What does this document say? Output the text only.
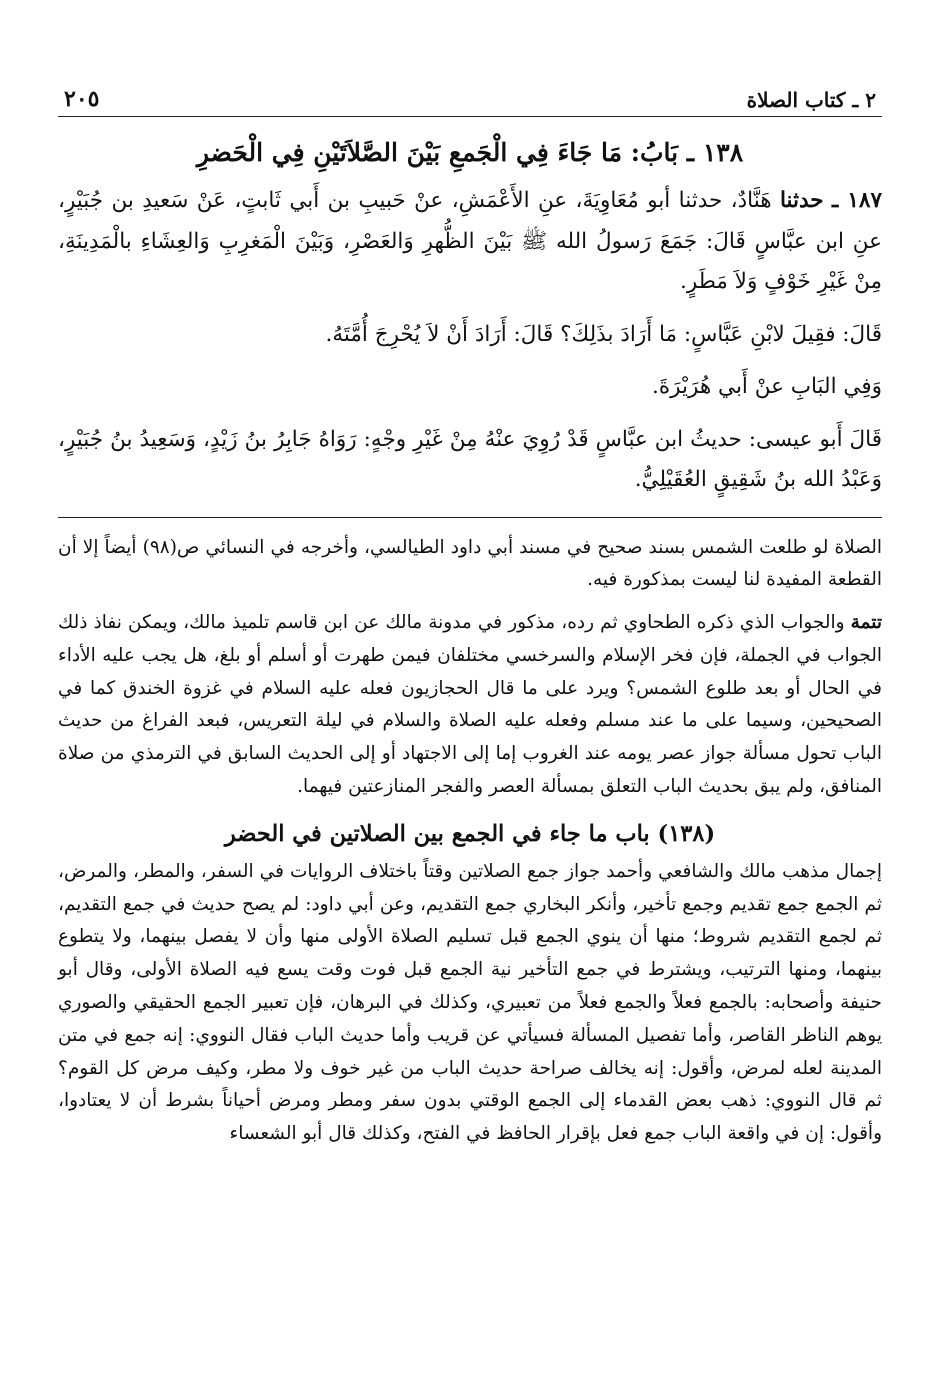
٢ ـ كتاب الصلاة
٢٠٥
١٣٨ ـ بَابُ: مَا جَاءَ فِي الْجَمعِ بَيْنَ الصَّلاَتَيْنِ فِي الْحَضرِ

١٨٧ ـ حدثنا هَنَّادٌ، حدثنا أبو مُعَاوِيَةَ، عنِ الأَعْمَشِ، عنْ حَبيبِ بن أَبي ثَابتٍ، عَنْ سَعيدِ بن جُبَيْرٍ، عنِ ابن عبَّاسٍ قَالَ: جَمَعَ رَسولُ الله ﷺ بَيْنَ الظُّهرِ وَالعَصْرِ، وَبَيْنَ الْمَغرِبِ وَالعِشَاءِ بالْمَدِينَةِ، مِنْ غَيْرِ خَوْفٍ وَلاَ مَطَرٍ.

قَالَ: فقِيلَ لابْنِ عَبَّاسٍ: مَا أَرَادَ بذَلِكَ؟ قَالَ: أَرَادَ أَنْ لاَ يُحْرِجَ أُمَّتَهُ.

وَفِي البَابِ عنْ أَبي هُرَيْرَةَ.

قَالَ أَبو عيسى: حديثُ ابن عبَّاسٍ قَدْ رُوِيَ عنْهُ مِنْ غَيْرِ وجْهٍ: رَوَاهُ جَابِرُ بنُ زَيْدٍ، وَسَعِيدُ بنُ جُبَيْرٍ، وَعَبْدُ الله بنُ شَقِيقٍ العُقَيْلِيُّ.

الصلاة لو طلعت الشمس بسند صحيح في مسند أبي داود الطيالسي، وأخرجه في النسائي ص(٩٨) أيضاً إلا أن القطعة المفيدة لنا ليست بمذكورة فيه.

تتمة والجواب الذي ذكره الطحاوي ثم رده، مذكور في مدونة مالك عن ابن قاسم تلميذ مالك، ويمكن نفاذ ذلك الجواب في الجملة، فإن فخر الإسلام والسرخسي مختلفان فيمن طهرت أو أسلم أو بلغ، هل يجب عليه الأداء في الحال أو بعد طلوع الشمس؟ ويرد على ما قال الحجازيون فعله عليه السلام في غزوة الخندق كما في الصحيحين، وسيما على ما عند مسلم وفعله عليه الصلاة والسلام في ليلة التعريس، فبعد الفراغ من حديث الباب تحول مسألة جواز عصر يومه عند الغروب إما إلى الاجتهاد أو إلى الحديث السابق في الترمذي من صلاة المنافق، ولم يبق بحديث الباب التعلق بمسألة العصر والفجر المنازعتين فيهما.

(١٣٨) باب ما جاء في الجمع بين الصلاتين في الحضر

إجمال مذهب مالك والشافعي وأحمد جواز جمع الصلاتين وقتاً باختلاف الروايات في السفر، والمطر، والمرض، ثم الجمع جمع تقديم وجمع تأخير، وأنكر البخاري جمع التقديم، وعن أبي داود: لم يصح حديث في جمع التقديم، ثم لجمع التقديم شروط؛ منها أن ينوي الجمع قبل تسليم الصلاة الأولى منها وأن لا يفصل بينهما، ولا يتطوع بينهما، ومنها الترتيب، ويشترط في جمع التأخير نية الجمع قبل فوت وقت يسع فيه الصلاة الأولى، وقال أبو حنيفة وأصحابه: بالجمع فعلاً والجمع فعلاً من تعبيري، وكذلك في البرهان، فإن تعبير الجمع الحقيقي والصوري يوهم الناظر القاصر، وأما تفصيل المسألة فسيأتي عن قريب وأما حديث الباب فقال النووي: إنه جمع في متن المدينة لعله لمرض، وأقول: إنه يخالف صراحة حديث الباب من غير خوف ولا مطر، وكيف مرض كل القوم؟ ثم قال النووي: ذهب بعض القدماء إلى الجمع الوقتي بدون سفر ومطر ومرض أحياناً بشرط أن لا يعتادوا، وأقول: إن في واقعة الباب جمع فعل بإقرار الحافظ في الفتح، وكذلك قال أبو الشعساء
